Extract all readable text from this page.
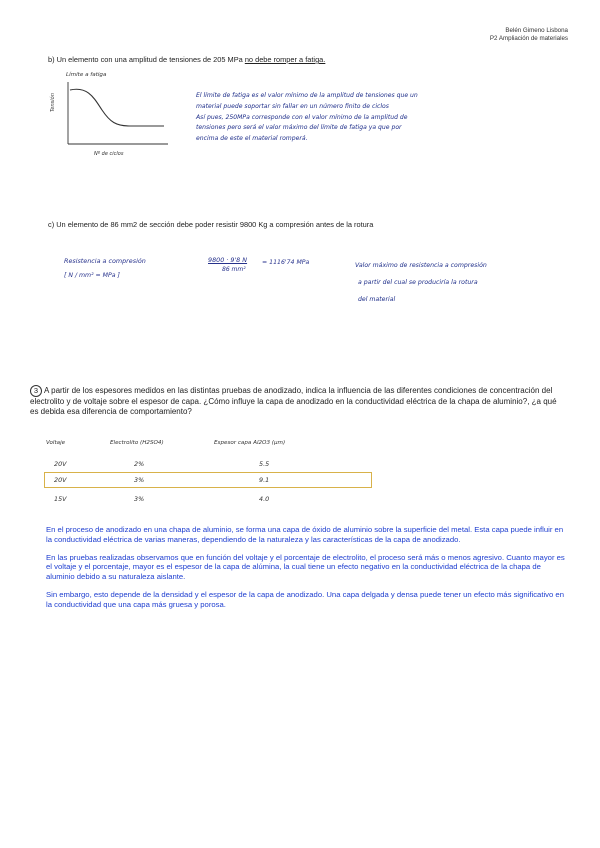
Belén Gimeno Lisbona
P2 Ampliación de materiales
b) Un elemento con una amplitud de tensiones de 205 MPa no debe romper a fatiga.
Límite a fatiga
Tensión
Nº de ciclos
El límite de fatiga es el valor mínimo de la amplitud de tensiones que un
material puede soportar sin fallar en un número finito de ciclos
Así pues, 250MPa corresponde con el valor mínimo de la amplitud de
tensiones pero será el valor máximo del límite de fatiga ya que por
encima de este el material romperá.
c) Un elemento de 86 mm2 de sección debe poder resistir 9800 Kg a compresión antes de la rotura
Resistencia a compresión
[ N / mm² = MPa ]
9800 · 9'8 N
86 mm²
= 1116'74 MPa	Valor máximo de resistencia a compresión
a partir del cual se produciría la rotura
del material
3 A partir de los espesores medidos en las distintas pruebas de anodizado, indica la influencia de las diferentes condiciones de concentración del electrolito y de voltaje sobre el espesor de capa. ¿Cómo influye la capa de anodizado en la conductividad eléctrica de la chapa de aluminio?, ¿a qué es debida esa diferencia de comportamiento?
Voltaje	Electrolito (H2SO4)	Espesor capa Al2O3 (µm)
20V	2%	5.5
20V	3%	9.1
15V	3%	4.0

En el proceso de anodizado en una chapa de aluminio, se forma una capa de óxido de aluminio sobre la superficie del metal. Esta capa puede influir en la conductividad eléctrica de varias maneras, dependiendo de la naturaleza y las características de la capa de anodizado.

En las pruebas realizadas observamos que en función del voltaje y el porcentaje de electrolito, el proceso será más o menos agresivo. Cuanto mayor es el voltaje y el porcentaje, mayor es el espesor de la capa de alúmina, la cual tiene un efecto negativo en la conductividad eléctrica de la chapa de aluminio debido a su naturaleza aislante.

Sin embargo, esto depende de la densidad y el espesor de la capa de anodizado. Una capa delgada y densa puede tener un efecto más significativo en la conductividad que una capa más gruesa y porosa.
